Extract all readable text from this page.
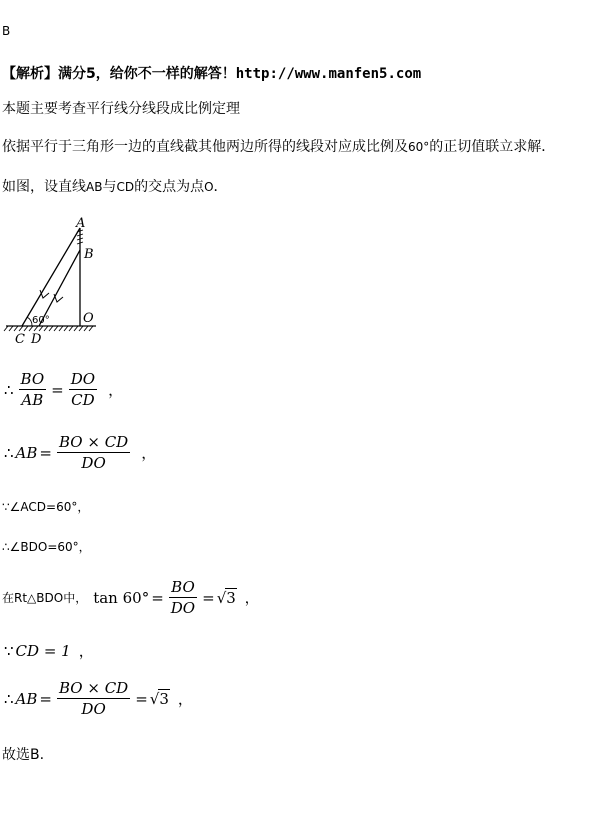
B
【解析】满分5，给你不一样的解答！http://www.manfen5.com
本题主要考查平行线分线段成比例定理
依据平行于三角形一边的直线截其他两边所得的线段对应成比例及60°的正切值联立求解．
如图，设直线AB与CD的交点为点O．
A
B
O
C D
60°
∴ $\frac{BO}{AB} = \frac{DO}{CD}$ ，
∴ AB = $\frac{BO \times CD}{DO}$ ，
∵∠ACD=60°，
∴∠BDO=60°，
在Rt△BDO中， $\tan 60^\circ = \frac{BO}{DO} = √3$ ，
∵ CD = 1 ，
∴ AB = $\frac{BO \times CD}{DO} = √3$ ，
故选B.
